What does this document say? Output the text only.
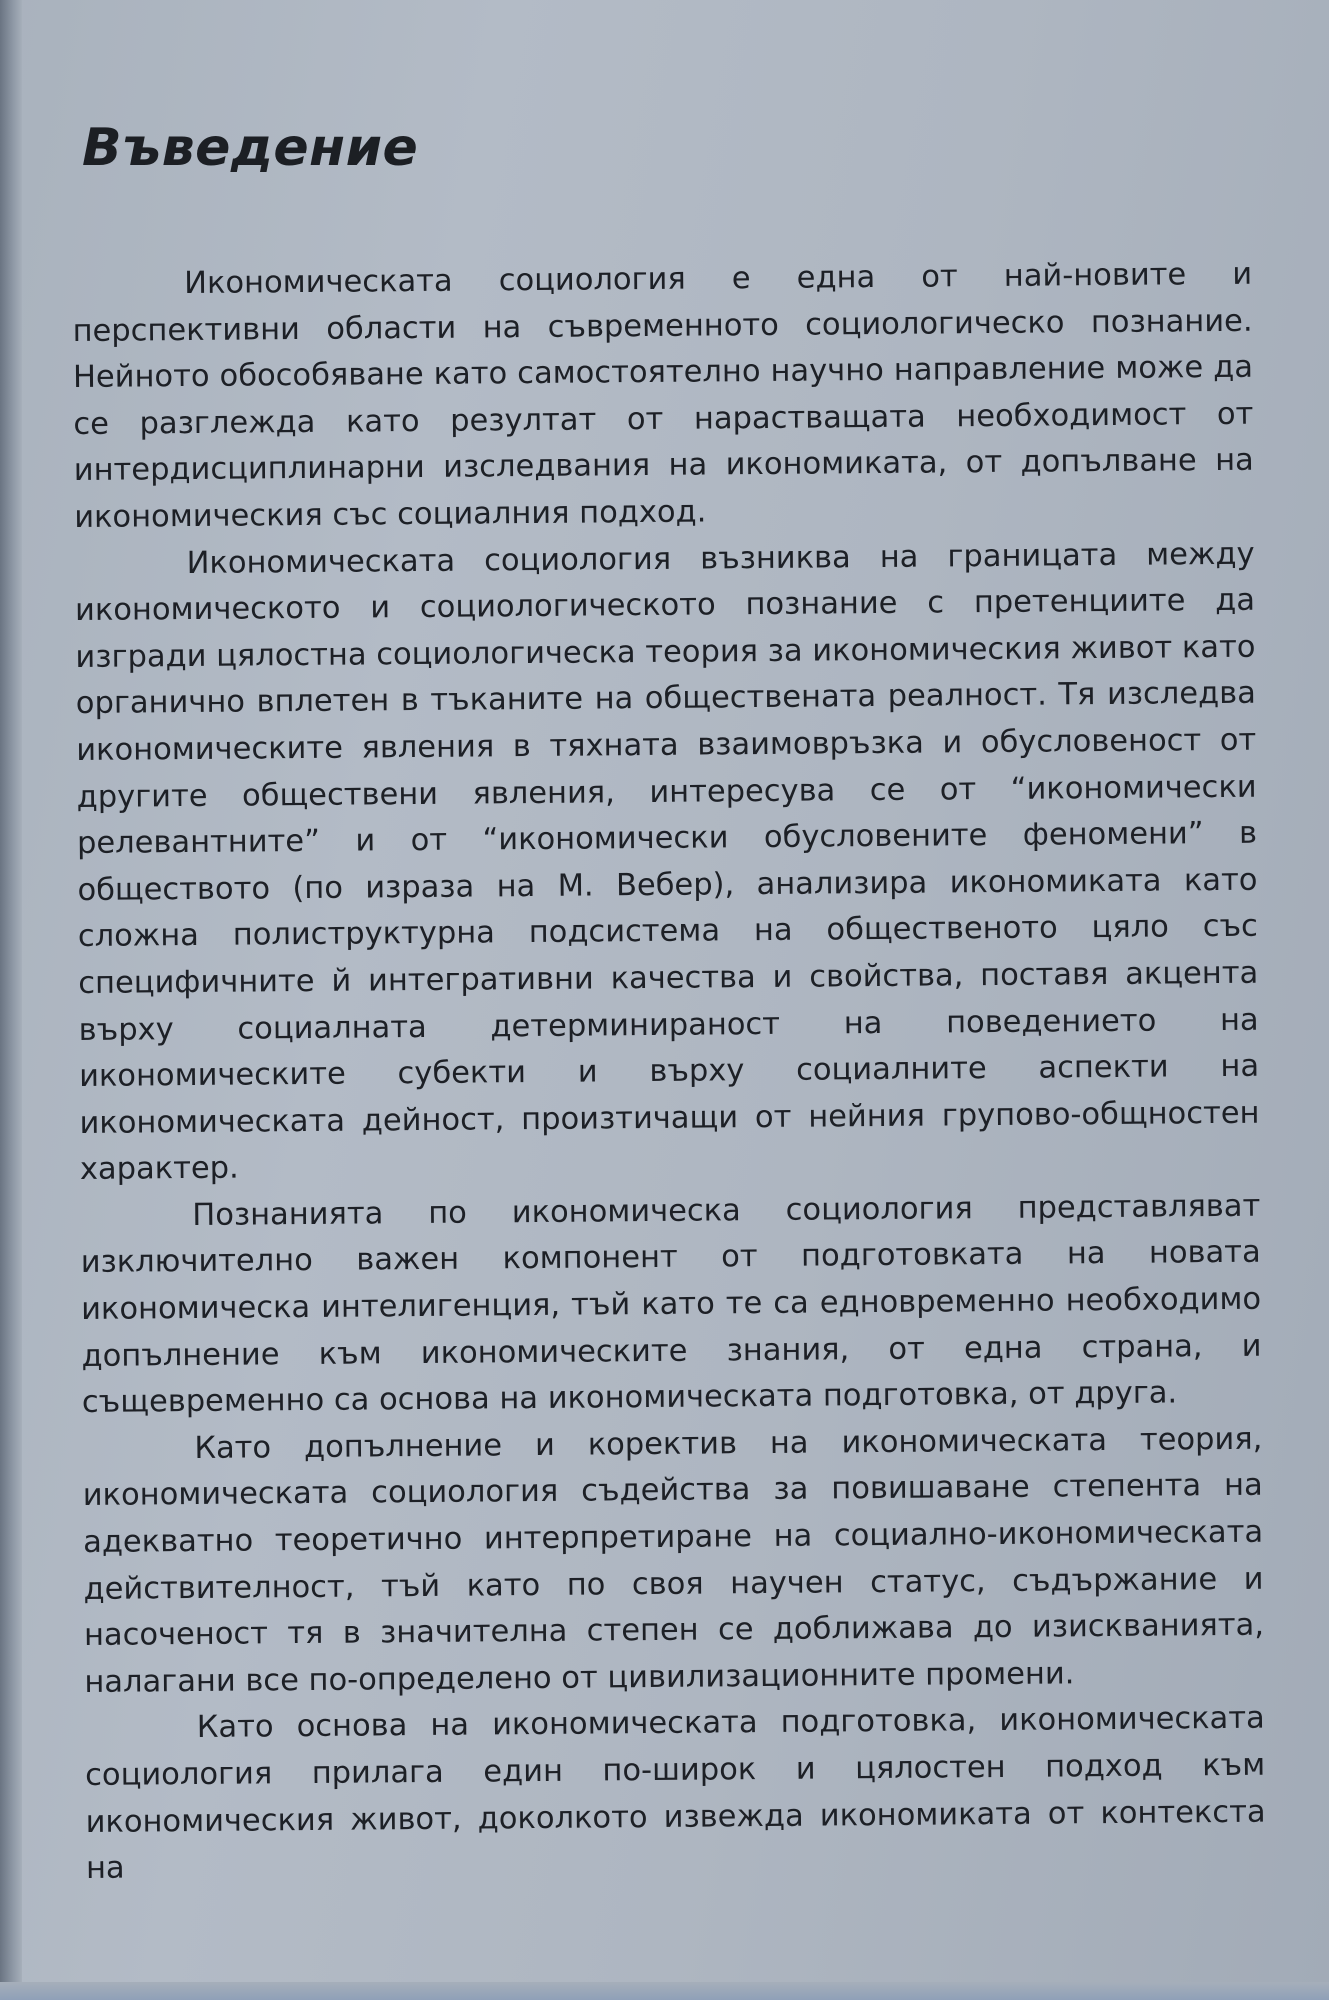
Въведение

Икономическата социология е една от най-новите и перспективни области на съвременното социологическо познание. Нейното обособяване като самостоятелно научно направление може да се разглежда като резултат от нарастващата необходимост от интердисциплинарни изследвания на икономиката, от допълване на икономическия със социалния подход.

Икономическата социология възниква на границата между икономическото и социологическото познание с претенциите да изгради цялостна социологическа теория за икономическия живот като органично вплетен в тъканите на обществената реалност. Тя изследва икономическите явления в тяхната взаимовръзка и обусловеност от другите обществени явления, интересува се от “икономически релевантните” и от “икономически обусловените феномени” в обществото (по израза на М. Вебер), анализира икономиката като сложна полиструктурна подсистема на общественото цяло със специфичните й интегративни качества и свойства, поставя акцента върху социалната детерминираност на поведението на икономическите субекти и върху социалните аспекти на икономическата дейност, произтичащи от нейния групово-общностен характер.

Познанията по икономическа социология представляват изключително важен компонент от подготовката на новата икономическа интелигенция, тъй като те са едновременно необходимо допълнение към икономическите знания, от една страна, и същевременно са основа на икономическата подготовка, от друга.

Като допълнение и коректив на икономическата теория, икономическата социология съдейства за повишаване степента на адекватно теоретично интерпретиране на социално-икономическата действителност, тъй като по своя научен статус, съдържание и насоченост тя в значителна степен се доближава до изискванията, налагани все по-определено от цивилизационните промени.

Като основа на икономическата подготовка, икономическата социология прилага един по-широк и цялостен подход към икономическия живот, доколкото извежда икономиката от контекста на
